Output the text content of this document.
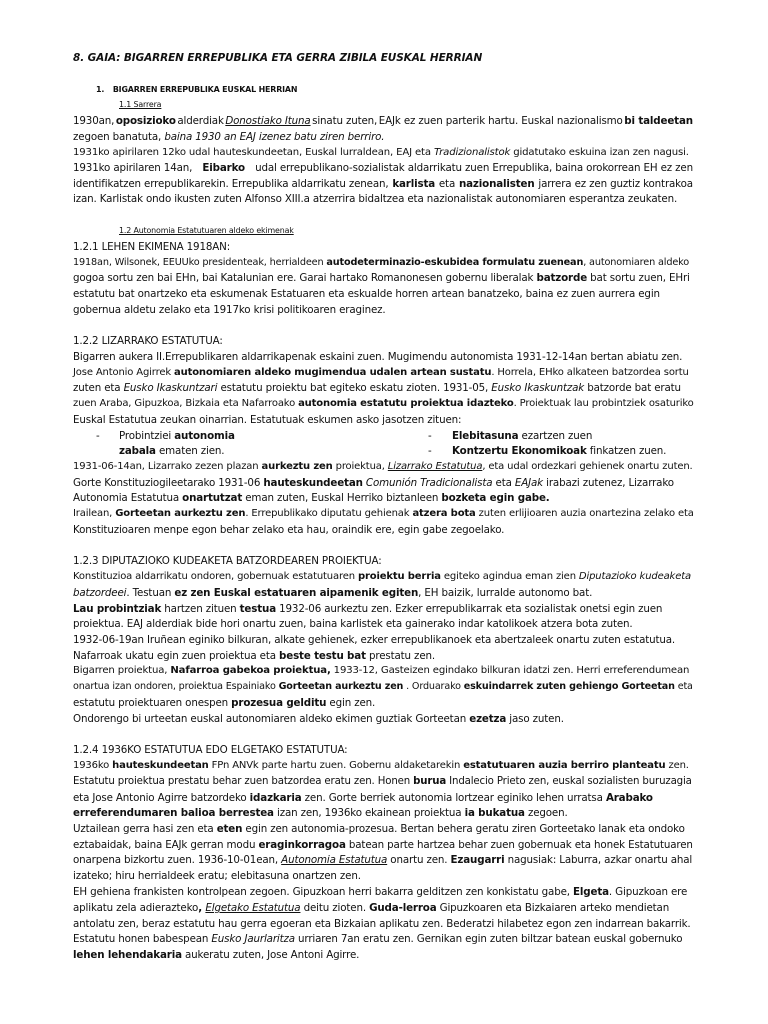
8. GAIA: BIGARREN ERREPUBLIKA ETA GERRA ZIBILA EUSKAL HERRIAN
1. BIGARREN ERREPUBLIKA EUSKAL HERRIAN
1.1 Sarrera
1930an, oposizioko alderdiak Donostiako Ituna sinatu zuten, EAJk ez zuen parterik hartu. Euskal nazionalismo bi taldeetan
zegoen banatuta, baina 1930 an EAJ izenez batu ziren berriro.
1931ko apirilaren 12ko udal hauteskundeetan, Euskal lurraldean, EAJ eta Tradizionalistok gidatutako eskuina izan zen nagusi.
1931ko apirilaren 14an, Eibarko udal errepublikano-sozialistak aldarrikatu zuen Errepublika, baina orokorrean EH ez zen
identifikatzen errepublikarekin. Errepublika aldarrikatu zenean, karlista eta nazionalisten jarrera ez zen guztiz kontrakoa
izan. Karlistak ondo ikusten zuten Alfonso XIII.a atzerrira bidaltzea eta nazionalistak autonomiaren esperantza zeukaten.
1.2 Autonomia Estatutuaren aldeko ekimenak
1.2.1 LEHEN EKIMENA 1918AN:
1918an, Wilsonek, EEUUko presidenteak, herrialdeen autodeterminazio-eskubidea formulatu zuenean, autonomiaren aldeko
gogoa sortu zen bai EHn, bai Katalunian ere. Garai hartako Romanonesen gobernu liberalak batzorde bat sortu zuen, EHri
estatutu bat onartzeko eta eskumenak Estatuaren eta eskualde horren artean banatzeko, baina ez zuen aurrera egin
gobernua aldetu zelako eta 1917ko krisi politikoaren eraginez.
1.2.2 LIZARRAKO ESTATUTUA:
Bigarren aukera II.Errepublikaren aldarrikapenak eskaini zuen. Mugimendu autonomista 1931-12-14an bertan abiatu zen.
Jose Antonio Agirrek autonomiaren aldeko mugimendua udalen artean sustatu. Horrela, EHko alkateen batzordea sortu
zuten eta Eusko Ikaskuntzari estatutu proiektu bat egiteko eskatu zioten. 1931-05, Eusko Ikaskuntzak batzorde bat eratu
zuen Araba, Gipuzkoa, Bizkaia eta Nafarroako autonomia estatutu proiektua idazteko. Proiektuak lau probintziek osaturiko
Euskal Estatutua zeukan oinarrian. Estatutuak eskumen asko jasotzen zituen:
- Probintziei autonomia
zabala ematen zien.
- Elebitasuna ezartzen zuen
- Kontzertu Ekonomikoak finkatzen zuen.
1931-06-14an, Lizarrako zezen plazan aurkeztu zen proiektua, Lizarrako Estatutua, eta udal ordezkari gehienek onartu zuten.
Gorte Konstituziogileetarako 1931-06 hauteskundeetan Comunión Tradicionalista eta EAJak irabazi zutenez, Lizarrako
Autonomia Estatutua onartutzat eman zuten, Euskal Herriko biztanleen bozketa egin gabe.
Irailean, Gorteetan aurkeztu zen. Errepublikako diputatu gehienak atzera bota zuten erlijioaren auzia onartezina zelako eta
Konstituzioaren menpe egon behar zelako eta hau, oraindik ere, egin gabe zegoelako.
1.2.3 DIPUTAZIOKO KUDEAKETA BATZORDEAREN PROIEKTUA:
Konstituzioa aldarrikatu ondoren, gobernuak estatutuaren proiektu berria egiteko agindua eman zien Diputazioko kudeaketa
batzordeei. Testuan ez zen Euskal estatuaren aipamenik egiten, EH baizik, lurralde autonomo bat.
Lau probintziak hartzen zituen testua 1932-06 aurkeztu zen. Ezker errepublikarrak eta sozialistak onetsi egin zuen
proiektua. EAJ alderdiak bide hori onartu zuen, baina karlistek eta gainerako indar katolikoek atzera bota zuten.
1932-06-19an Iruñean eginiko bilkuran, alkate gehienek, ezker errepublikanoek eta abertzaleek onartu zuten estatutua.
Nafarroak ukatu egin zuen proiektua eta beste testu bat prestatu zen.
Bigarren proiektua, Nafarroa gabekoa proiektua, 1933-12, Gasteizen egindako bilkuran idatzi zen. Herri erreferendumean
onartua izan ondoren, proiektua Espainiako Gorteetan aurkeztu zen . Orduarako eskuindarrek zuten gehiengo Gorteetan eta
estatutu proiektuaren onespen prozesua gelditu egin zen.
Ondorengo bi urteetan euskal autonomiaren aldeko ekimen guztiak Gorteetan ezetza jaso zuten.
1.2.4 1936KO ESTATUTUA EDO ELGETAKO ESTATUTUA:
1936ko hauteskundeetan FPn ANVk parte hartu zuen. Gobernu aldaketarekin estatutuaren auzia berriro planteatu zen.
Estatutu proiektua prestatu behar zuen batzordea eratu zen. Honen burua Indalecio Prieto zen, euskal sozialisten buruzagia
eta Jose Antonio Agirre batzordeko idazkaria zen. Gorte berriek autonomia lortzear eginiko lehen urratsa Arabako
erreferendumaren balioa berrestea izan zen, 1936ko ekainean proiektua ia bukatua zegoen.
Uztailean gerra hasi zen eta eten egin zen autonomia-prozesua. Bertan behera geratu ziren Gorteetako lanak eta ondoko
eztabaidak, baina EAJk gerran modu eraginkorragoa batean parte hartzea behar zuen gobernuak eta honek Estatutuaren
onarpena bizkortu zuen. 1936-10-01ean, Autonomia Estatutua onartu zen. Ezaugarri nagusiak: Laburra, azkar onartu ahal
izateko; hiru herrialdeek eratu; elebitasuna onartzen zen.
EH gehiena frankisten kontrolpean zegoen. Gipuzkoan herri bakarra gelditzen zen konkistatu gabe, Elgeta. Gipuzkoan ere
aplikatu zela adierazteko, Elgetako Estatutua deitu zioten. Guda-lerroa Gipuzkoaren eta Bizkaiaren arteko mendietan
antolatu zen, beraz estatutu hau gerra egoeran eta Bizkaian aplikatu zen. Bederatzi hilabetez egon zen indarrean bakarrik.
Estatutu honen babespean Eusko Jaurlaritza urriaren 7an eratu zen. Gernikan egin zuten biltzar batean euskal gobernuko
lehen lehendakaria aukeratu zuten, Jose Antoni Agirre.
